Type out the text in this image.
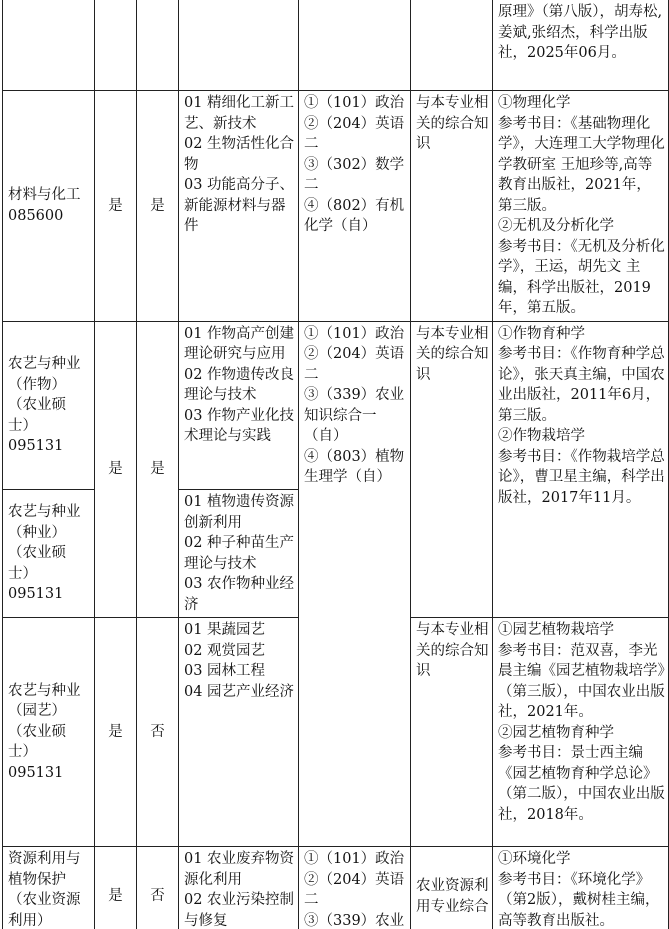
						原理》（第八版），胡寿松,姜斌,张绍杰，科学出版社，2025年06月。

材料与化工
085600	是	是	01 精细化工新工艺、新技术
02 生物活性化合物
03 功能高分子、新能源材料与器件	①（101）政治
②（204）英语二
③（302）数学二
④（802）有机化学（自）	与本专业相关的综合知识	①物理化学
参考书目：《基础物理化学》，大连理工大学物理化学教研室 王旭珍等,高等教育出版社，2021年，第三版。
②无机及分析化学
参考书目：《无机及分析化学》，王运，胡先文 主编，科学出版社，2019年，第五版。

农艺与种业（作物）
（农业硕士）
095131	是	是	01 作物高产创建理论研究与应用
02 作物遗传改良理论与技术
03 作物产业化技术理论与实践	①（101）政治
②（204）英语二
③（339）农业知识综合一（自）
④（803）植物生理学（自）	与本专业相关的综合知识	①作物育种学
参考书目：《作物育种学总论》，张天真主编，中国农业出版社，2011年6月，第三版。
②作物栽培学
参考书目：《作物栽培学总论》，曹卫星主编，科学出版社，2017年11月。

农艺与种业（种业）
（农业硕士）
095131			01 植物遗传资源创新利用
02 种子种苗生产理论与技术
03 农作物种业经济			

农艺与种业（园艺）
（农业硕士）
095131	是	否	01 果蔬园艺
02 观赏园艺
03 园林工程
04 园艺产业经济		与本专业相关的综合知识	①园艺植物栽培学
参考书目：范双喜，李光晨主编《园艺植物栽培学》（第三版），中国农业出版社，2021年。
②园艺植物育种学
参考书目：景士西主编《园艺植物育种学总论》（第二版），中国农业出版社，2018年。

资源利用与植物保护（农业资源利用）	是	否	01 农业废弃物资源化利用
02 农业污染控制与修复	①（101）政治
②（204）英语二
③（339）农业	农业资源利用专业综合	①环境化学
参考书目：《环境化学》（第2版），戴树桂主编，高等教育出版社。
